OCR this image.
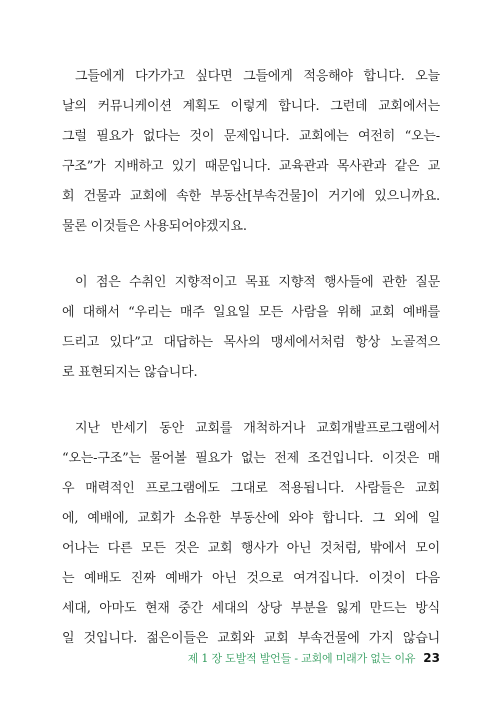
그들에게 다가가고 싶다면 그들에게 적응해야 합니다. 오늘
날의 커뮤니케이션 계획도 이렇게 합니다. 그런데 교회에서는
그럴 필요가 없다는 것이 문제입니다. 교회에는 여전히 “오는-
구조”가 지배하고 있기 때문입니다. 교육관과 목사관과 같은 교
회 건물과 교회에 속한 부동산[부속건물]이 거기에 있으니까요.
물론 이것들은 사용되어야겠지요.
이 점은 수취인 지향적이고 목표 지향적 행사들에 관한 질문
에 대해서 “우리는 매주 일요일 모든 사람을 위해 교회 예배를
드리고 있다”고 대답하는 목사의 맹세에서처럼 항상 노골적으
로 표현되지는 않습니다.
지난 반세기 동안 교회를 개척하거나 교회개발프로그램에서
“오는-구조”는 물어볼 필요가 없는 전제 조건입니다. 이것은 매
우 매력적인 프로그램에도 그대로 적용됩니다. 사람들은 교회
에, 예배에, 교회가 소유한 부동산에 와야 합니다. 그 외에 일
어나는 다른 모든 것은 교회 행사가 아닌 것처럼, 밖에서 모이
는 예배도 진짜 예배가 아닌 것으로 여겨집니다. 이것이 다음
세대, 아마도 현재 중간 세대의 상당 부분을 잃게 만드는 방식
일 것입니다. 젊은이들은 교회와 교회 부속건물에 가지 않습니
제 1 장 도발적 발언들 - 교회에 미래가 없는 이유 23
